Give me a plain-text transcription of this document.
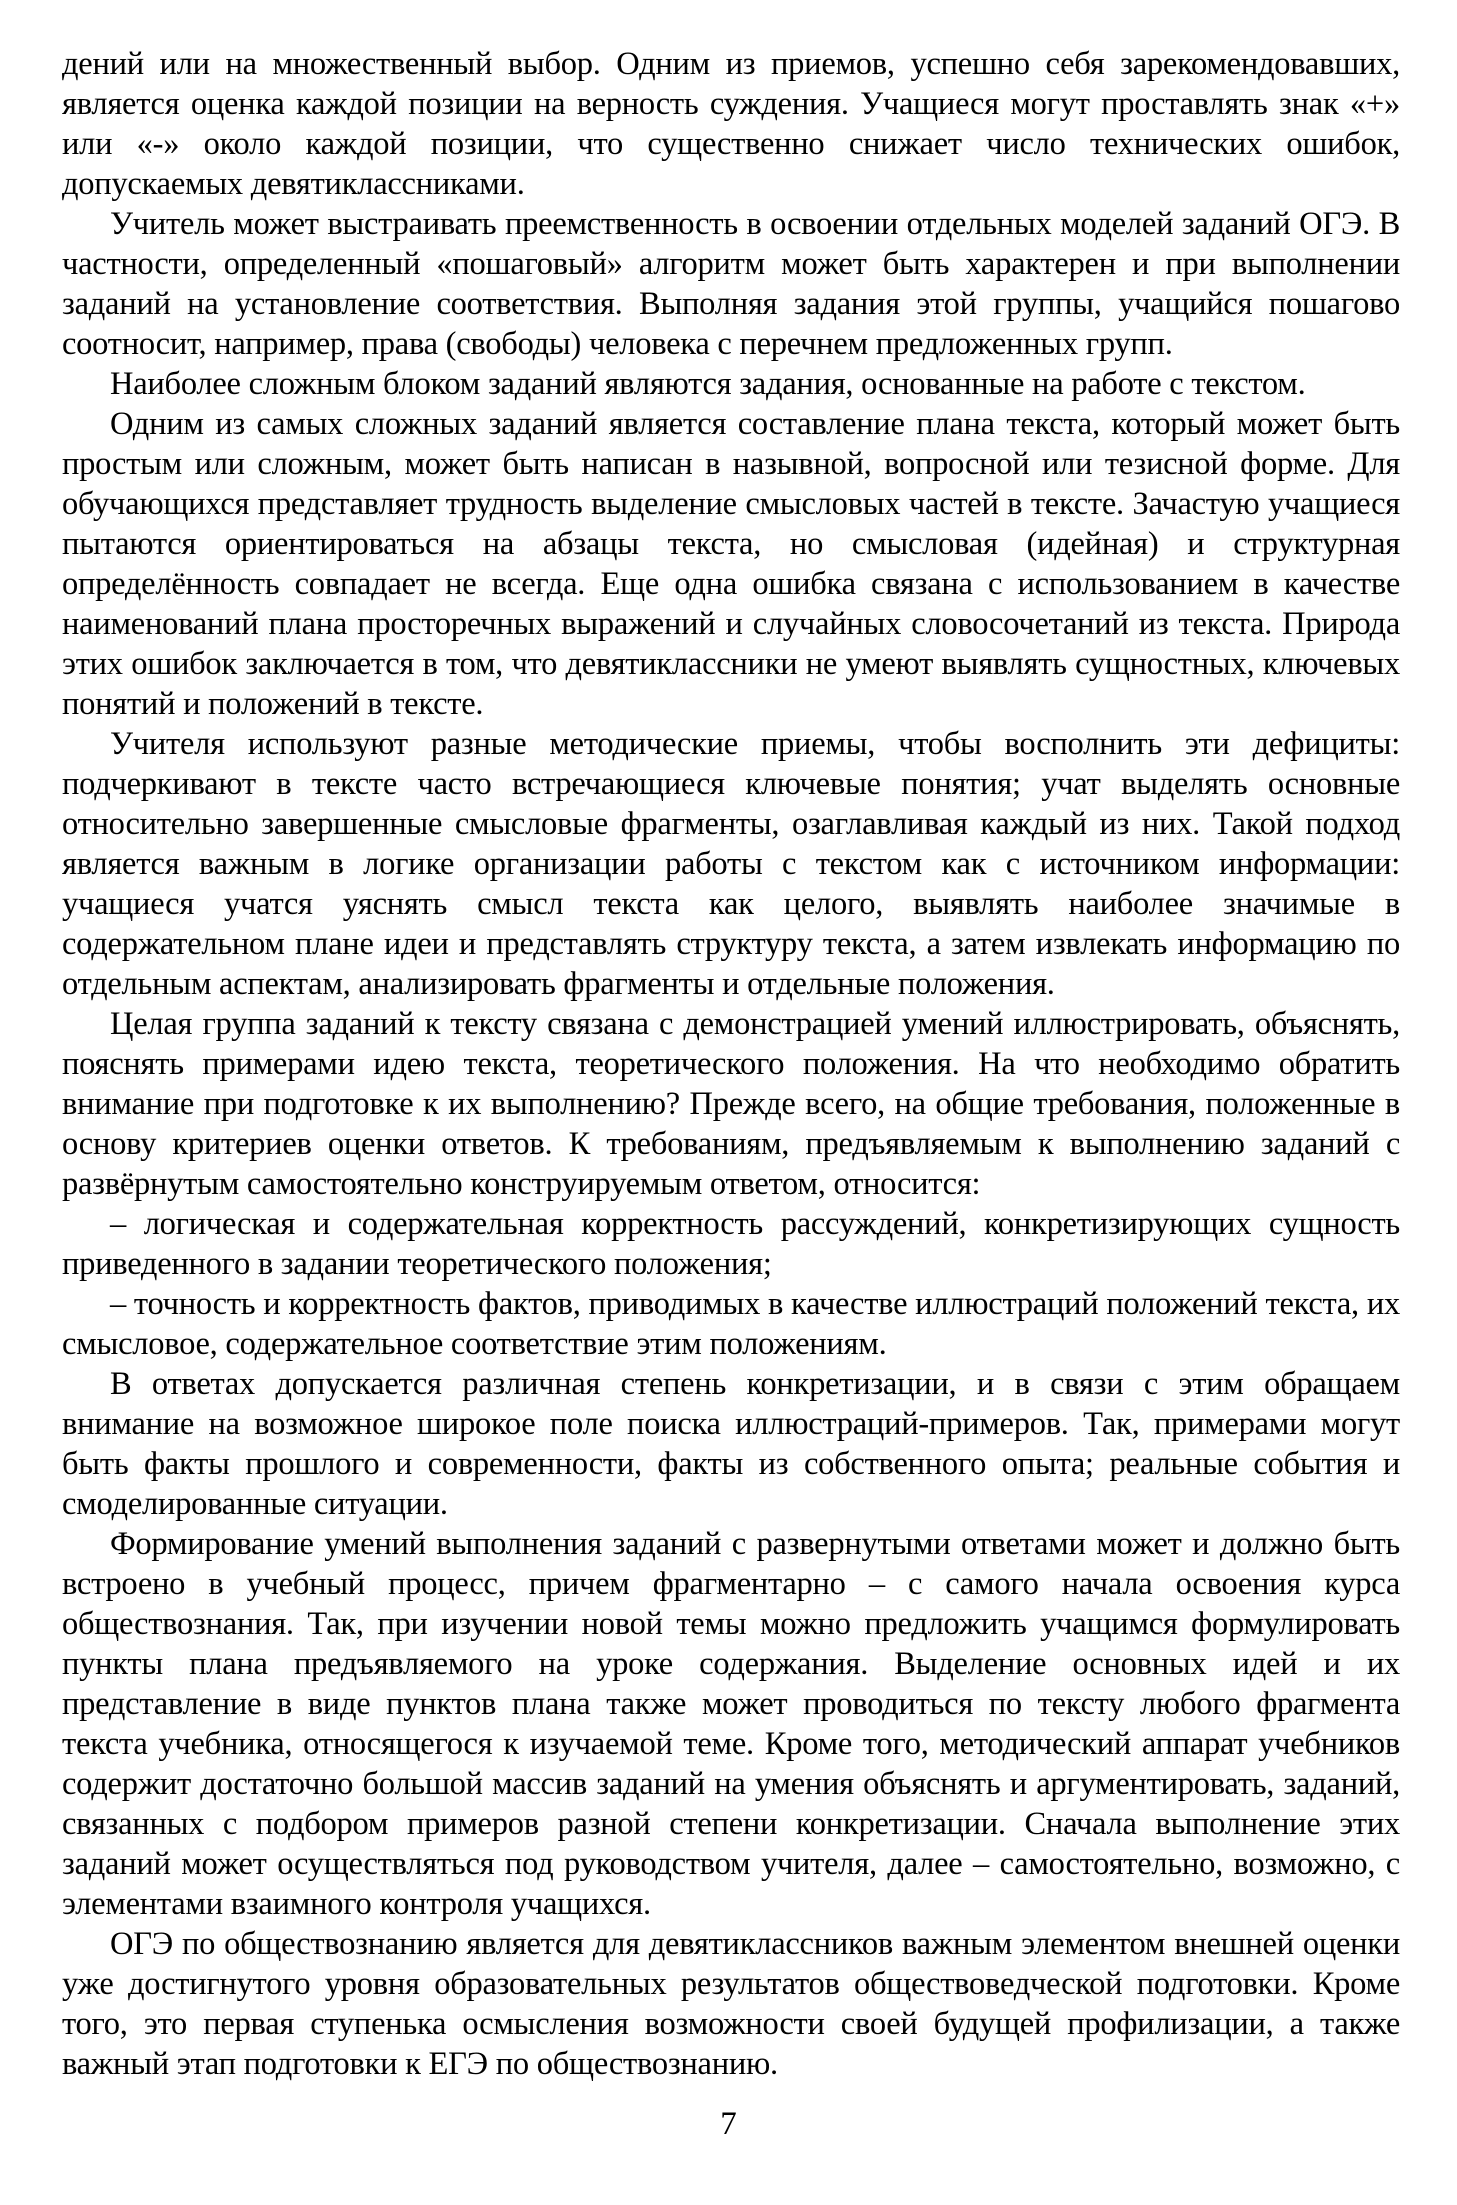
дений или на множественный выбор. Одним из приемов, успешно себя зарекомендовавших, является оценка каждой позиции на верность суждения. Учащиеся могут проставлять знак «+» или «-» около каждой позиции, что существенно снижает число технических ошибок, допускаемых девятиклассниками.

Учитель может выстраивать преемственность в освоении отдельных моделей заданий ОГЭ. В частности, определенный «пошаговый» алгоритм может быть характерен и при выполнении заданий на установление соответствия. Выполняя задания этой группы, учащийся пошагово соотносит, например, права (свободы) человека с перечнем предложенных групп.

Наиболее сложным блоком заданий являются задания, основанные на работе с текстом.

Одним из самых сложных заданий является составление плана текста, который может быть простым или сложным, может быть написан в назывной, вопросной или тезисной форме. Для обучающихся представляет трудность выделение смысловых частей в тексте. Зачастую учащиеся пытаются ориентироваться на абзацы текста, но смысловая (идейная) и структурная определённость совпадает не всегда. Еще одна ошибка связана с использованием в качестве наименований плана просторечных выражений и случайных словосочетаний из текста. Природа этих ошибок заключается в том, что девятиклассники не умеют выявлять сущностных, ключевых понятий и положений в тексте.

Учителя используют разные методические приемы, чтобы восполнить эти дефициты: подчеркивают в тексте часто встречающиеся ключевые понятия; учат выделять основные относительно завершенные смысловые фрагменты, озаглавливая каждый из них. Такой подход является важным в логике организации работы с текстом как с источником информации: учащиеся учатся уяснять смысл текста как целого, выявлять наиболее значимые в содержательном плане идеи и представлять структуру текста, а затем извлекать информацию по отдельным аспектам, анализировать фрагменты и отдельные положения.

Целая группа заданий к тексту связана с демонстрацией умений иллюстрировать, объяснять, пояснять примерами идею текста, теоретического положения. На что необходимо обратить внимание при подготовке к их выполнению? Прежде всего, на общие требования, положенные в основу критериев оценки ответов. К требованиям, предъявляемым к выполнению заданий с развёрнутым самостоятельно конструируемым ответом, относится:

– логическая и содержательная корректность рассуждений, конкретизирующих сущность приведенного в задании теоретического положения;

– точность и корректность фактов, приводимых в качестве иллюстраций положений текста, их смысловое, содержательное соответствие этим положениям.

В ответах допускается различная степень конкретизации, и в связи с этим обращаем внимание на возможное широкое поле поиска иллюстраций-примеров. Так, примерами могут быть факты прошлого и современности, факты из собственного опыта; реальные события и смоделированные ситуации.

Формирование умений выполнения заданий с развернутыми ответами может и должно быть встроено в учебный процесс, причем фрагментарно – с самого начала освоения курса обществознания. Так, при изучении новой темы можно предложить учащимся формулировать пункты плана предъявляемого на уроке содержания. Выделение основных идей и их представление в виде пунктов плана также может проводиться по тексту любого фрагмента текста учебника, относящегося к изучаемой теме. Кроме того, методический аппарат учебников содержит достаточно большой массив заданий на умения объяснять и аргументировать, заданий, связанных с подбором примеров разной степени конкретизации. Сначала выполнение этих заданий может осуществляться под руководством учителя, далее – самостоятельно, возможно, с элементами взаимного контроля учащихся.

ОГЭ по обществознанию является для девятиклассников важным элементом внешней оценки уже достигнутого уровня образовательных результатов обществоведческой подготовки. Кроме того, это первая ступенька осмысления возможности своей будущей профилизации, а также важный этап подготовки к ЕГЭ по обществознанию.

7
